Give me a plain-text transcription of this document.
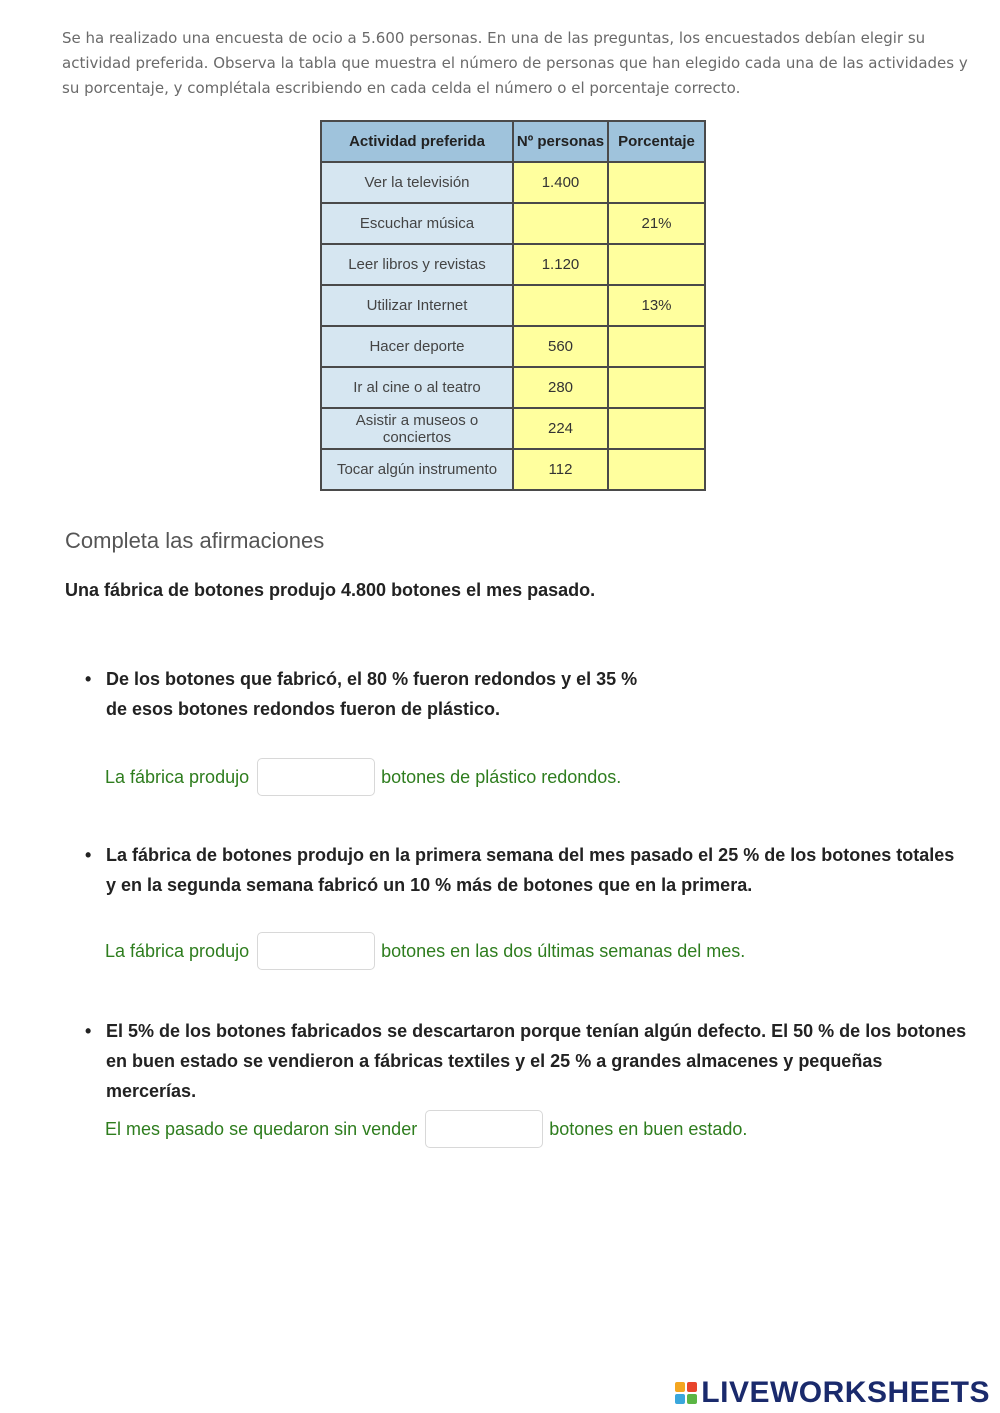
Se ha realizado una encuesta de ocio a 5.600 personas. En una de las preguntas, los encuestados debían elegir su actividad preferida. Observa la tabla que muestra el número de personas que han elegido cada una de las actividades y su porcentaje, y complétala escribiendo en cada celda el número o el porcentaje correcto.

Actividad preferida	Nº personas	Porcentaje
Ver la televisión	1.400	
Escuchar música		21%
Leer libros y revistas	1.120	
Utilizar Internet		13%
Hacer deporte	560	
Ir al cine o al teatro	280	
Asistir a museos o conciertos	224	
Tocar algún instrumento	112	
Completa las afirmaciones

Una fábrica de botones produjo 4.800 botones el mes pasado.

• De los botones que fabricó, el 80 % fueron redondos y el 35 % de esos botones redondos fueron de plástico.
La fábrica produjo	botones de plástico redondos.
• La fábrica de botones produjo en la primera semana del mes pasado el 25 % de los botones totales y en la segunda semana fabricó un 10 % más de botones que en la primera.
La fábrica produjo	botones en las dos últimas semanas del mes.
• El 5% de los botones fabricados se descartaron porque tenían algún defecto. El 50 % de los botones en buen estado se vendieron a fábricas textiles y el 25 % a grandes almacenes y pequeñas mercerías.
El mes pasado se quedaron sin vender	botones en buen estado.
LIVEWORKSHEETS
